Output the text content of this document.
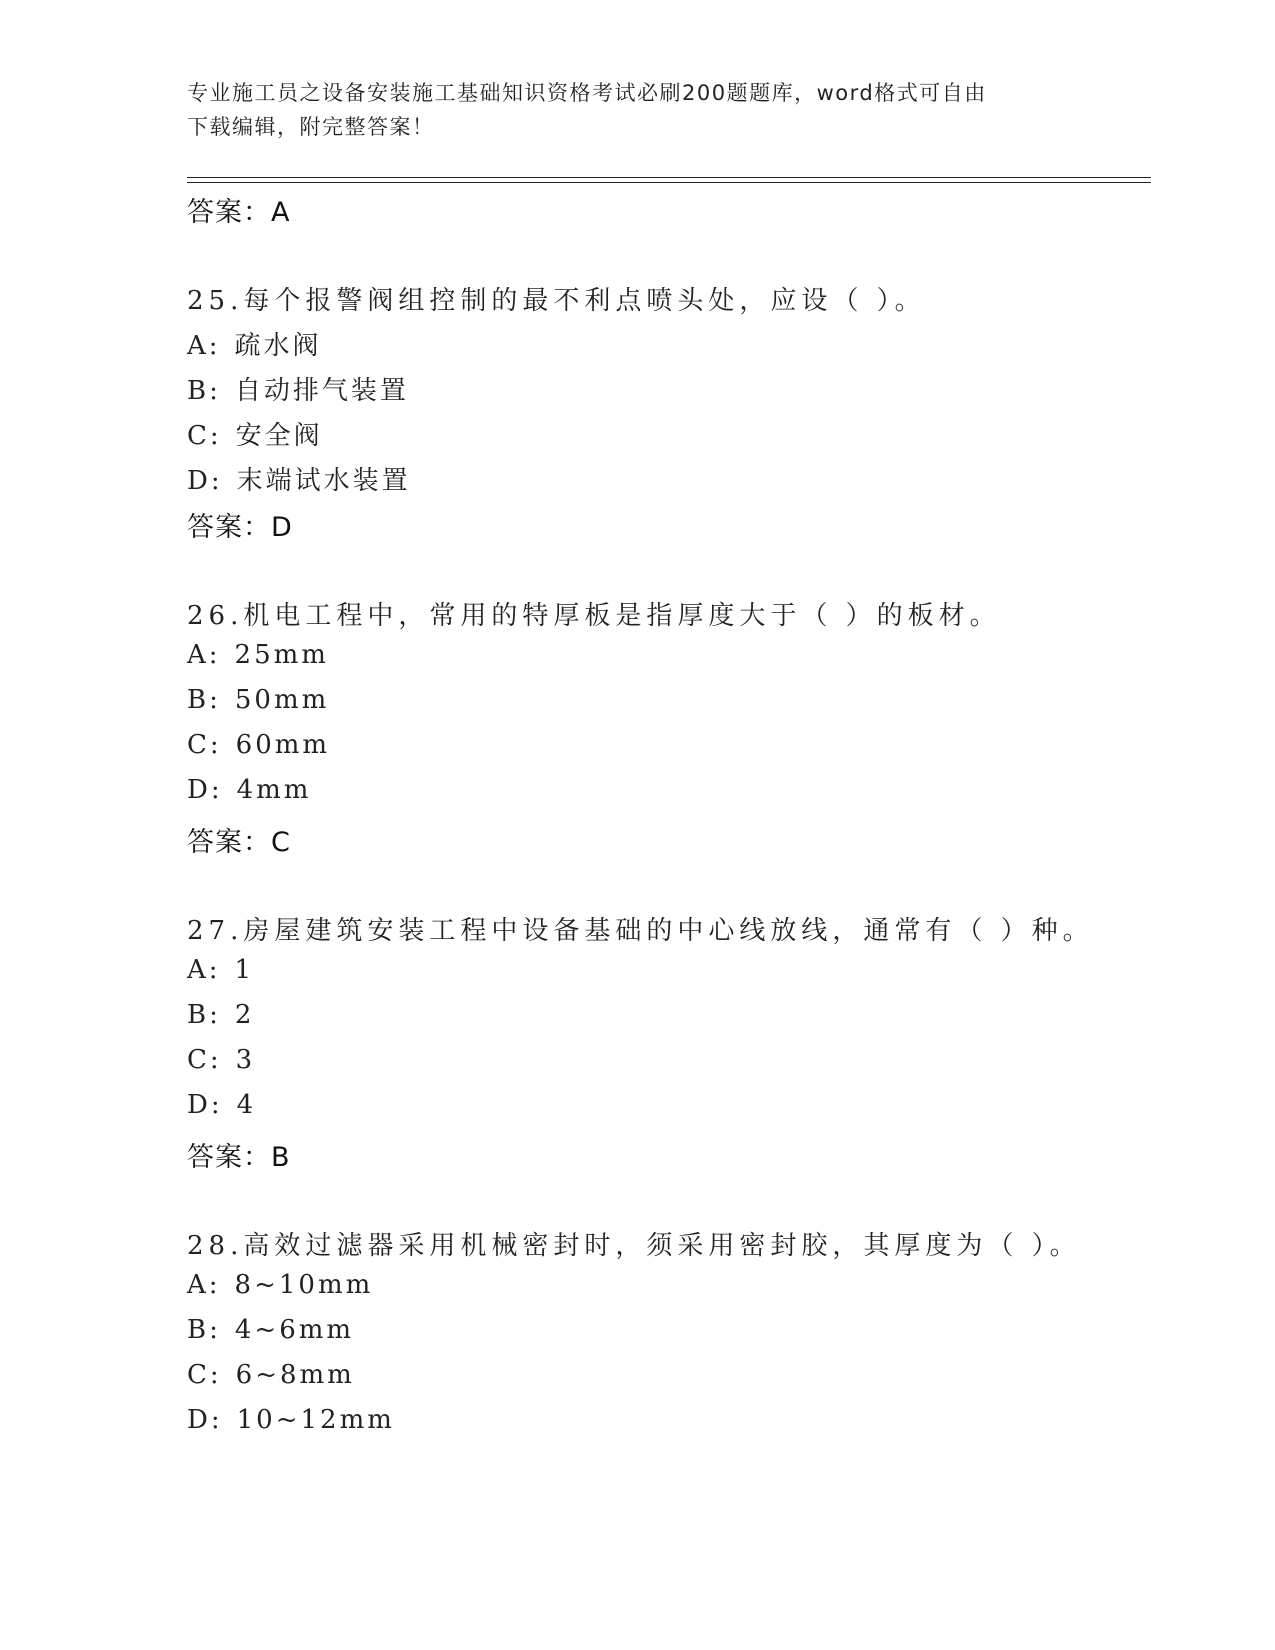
专业施工员之设备安装施工基础知识资格考试必刷200题题库，word格式可自由
下载编辑，附完整答案！
答案：A
25.每个报警阀组控制的最不利点喷头处，应设（ ）。
A: 疏水阀
B: 自动排气装置
C: 安全阀
D: 末端试水装置
答案：D
26.机电工程中，常用的特厚板是指厚度大于（ ）的板材。
A: 25mm
B: 50mm
C: 60mm
D: 4mm
答案：C
27.房屋建筑安装工程中设备基础的中心线放线，通常有（ ）种。
A: 1
B: 2
C: 3
D: 4
答案：B
28.高效过滤器采用机械密封时，须采用密封胶，其厚度为（ ）。
A: 8~10mm
B: 4~6mm
C: 6~8mm
D: 10~12mm
